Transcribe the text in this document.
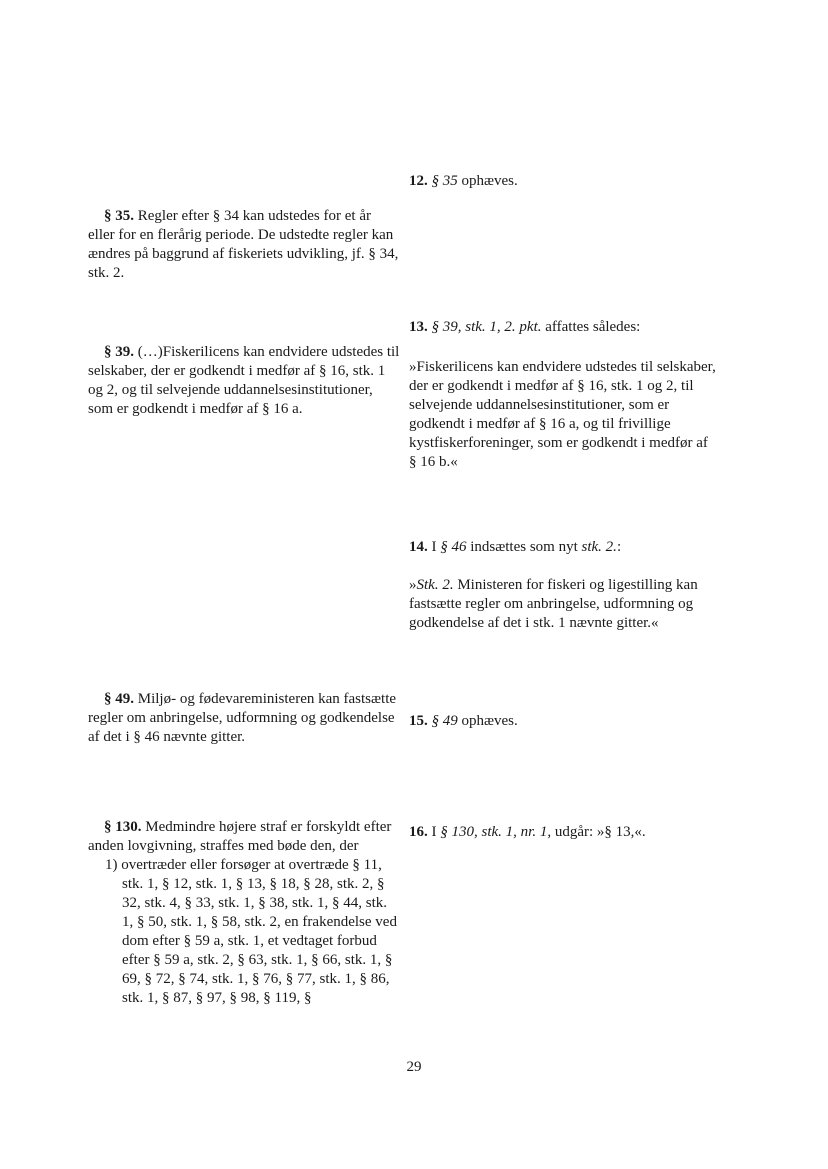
12. § 35 ophæves.

§ 35. Regler efter § 34 kan udstedes for et år eller for en flerårig periode. De udstedte regler kan ændres på baggrund af fiskeriets udvikling, jf. § 34, stk. 2.

13. § 39, stk. 1, 2. pkt. affattes således:

§ 39. (…)Fiskerilicens kan endvidere udstedes til selskaber, der er godkendt i medfør af § 16, stk. 1 og 2, og til selvejende uddannelsesinstitutioner, som er godkendt i medfør af § 16 a.

»Fiskerilicens kan endvidere udstedes til selskaber, der er godkendt i medfør af § 16, stk. 1 og 2, til selvejende uddannelsesinstitutioner, som er godkendt i medfør af § 16 a, og til frivillige kystfiskerforeninger, som er godkendt i medfør af § 16 b.«

14. I § 46 indsættes som nyt stk. 2.:

»Stk. 2. Ministeren for fiskeri og ligestilling kan fastsætte regler om anbringelse, udformning og godkendelse af det i stk. 1 nævnte gitter.«

§ 49. Miljø- og fødevareministeren kan fastsætte regler om anbringelse, udformning og godkendelse af det i § 46 nævnte gitter.

15. § 49 ophæves.

§ 130. Medmindre højere straf er forskyldt efter anden lovgivning, straffes med bøde den, der

1) overtræder eller forsøger at overtræde § 11, stk. 1, § 12, stk. 1, § 13, § 18, § 28, stk. 2, § 32, stk. 4, § 33, stk. 1, § 38, stk. 1, § 44, stk. 1, § 50, stk. 1, § 58, stk. 2, en frakendelse ved dom efter § 59 a, stk. 1, et vedtaget forbud efter § 59 a, stk. 2, § 63, stk. 1, § 66, stk. 1, § 69, § 72, § 74, stk. 1, § 76, § 77, stk. 1, § 86, stk. 1, § 87, § 97, § 98, § 119, §

16. I § 130, stk. 1, nr. 1, udgår: »§ 13,«.

29
